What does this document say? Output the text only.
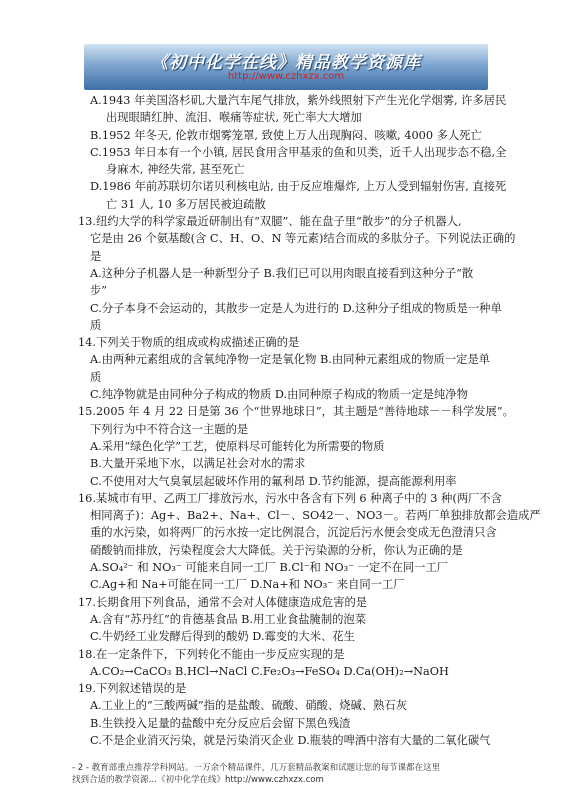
《初中化学在线》精品教学资源库
http://www.czhxzx.com
A.1943 年美国洛杉矶,大量汽车尾气排放，紫外线照射下产生光化学烟雾, 许多居民
出现眼睛红肿、流泪、喉痛等症状, 死亡率大大增加
B.1952 年冬天, 伦敦市烟雾笼罩, 致使上万人出现胸闷、咳嗽, 4000 多人死亡
C.1953 年日本有一个小镇, 居民食用含甲基汞的鱼和贝类，近千人出现步态不稳,全
身麻木, 神经失常, 甚至死亡
D.1986 年前苏联切尔诺贝利核电站, 由于反应堆爆炸, 上万人受到辐射伤害, 直接死
亡 31 人, 10 多万居民被迫疏散
13.纽约大学的科学家最近研制出有“双腿”、能在盘子里“散步”的分子机器人,
它是由 26 个氨基酸(含 C、H、O、N 等元素)结合而成的多肽分子。下列说法正确的
是
A.这种分子机器人是一种新型分子 B.我们已可以用肉眼直接看到这种分子“散
步”
C.分子本身不会运动的，其散步一定是人为进行的 D.这种分子组成的物质是一种单
质
14.下列关于物质的组成或构成描述正确的是
A.由两种元素组成的含氧纯净物一定是氧化物 B.由同种元素组成的物质一定是单
质
C.纯净物就是由同种分子构成的物质 D.由同种原子构成的物质一定是纯净物
15.2005 年 4 月 22 日是第 36 个“世界地球日”，其主题是“善待地球－－科学发展”。
下列行为中不符合这一主题的是
A.采用“绿色化学”工艺，使原料尽可能转化为所需要的物质
B.大量开采地下水，以满足社会对水的需求
C.不使用对大气臭氧层起破坏作用的氟利昂 D.节约能源，提高能源利用率
16.某城市有甲、乙两工厂排放污水，污水中各含有下列 6 种离子中的 3 种(两厂不含
相同离子)：Ag+、Ba2+、Na+、Cl－、SO42－、NO3－。若两厂单独排放都会造成严
重的水污染，如将两厂的污水按一定比例混合，沉淀后污水便会变成无色澄清只含
硝酸钠而排放，污染程度会大大降低。关于污染源的分析，你认为正确的是
A.SO₄²⁻ 和 NO₃⁻ 可能来自同一工厂 B.Cl⁻和 NO₃⁻ 一定不在同一工厂
C.Ag+和 Na+可能在同一工厂 D.Na+和 NO₃⁻ 来自同一工厂
17.长期食用下列食品，通常不会对人体健康造成危害的是
A.含有“苏丹红”的肯德基食品 B.用工业食盐腌制的泡菜
C.牛奶经工业发酵后得到的酸奶 D.霉变的大米、花生
18.在一定条件下，下列转化不能由一步反应实现的是
A.CO₂→CaCO₃ B.HCl→NaCl C.Fe₂O₃→FeSO₄ D.Ca(OH)₂→NaOH
19.下列叙述错误的是
A.工业上的“三酸两碱”指的是盐酸、硫酸、硝酸、烧碱、熟石灰
B.生铁投入足量的盐酸中充分反应后会留下黑色残渣
C.不是企业消灭污染，就是污染消灭企业 D.瓶装的啤酒中溶有大量的二氧化碳气
- 2 - 教育部重点推荐学科网站。一万余个精品课件，几万套精品教案和试题让您的每节课都在这里
找到合适的教学资源…《初中化学在线》http://www.czhxzx.com
